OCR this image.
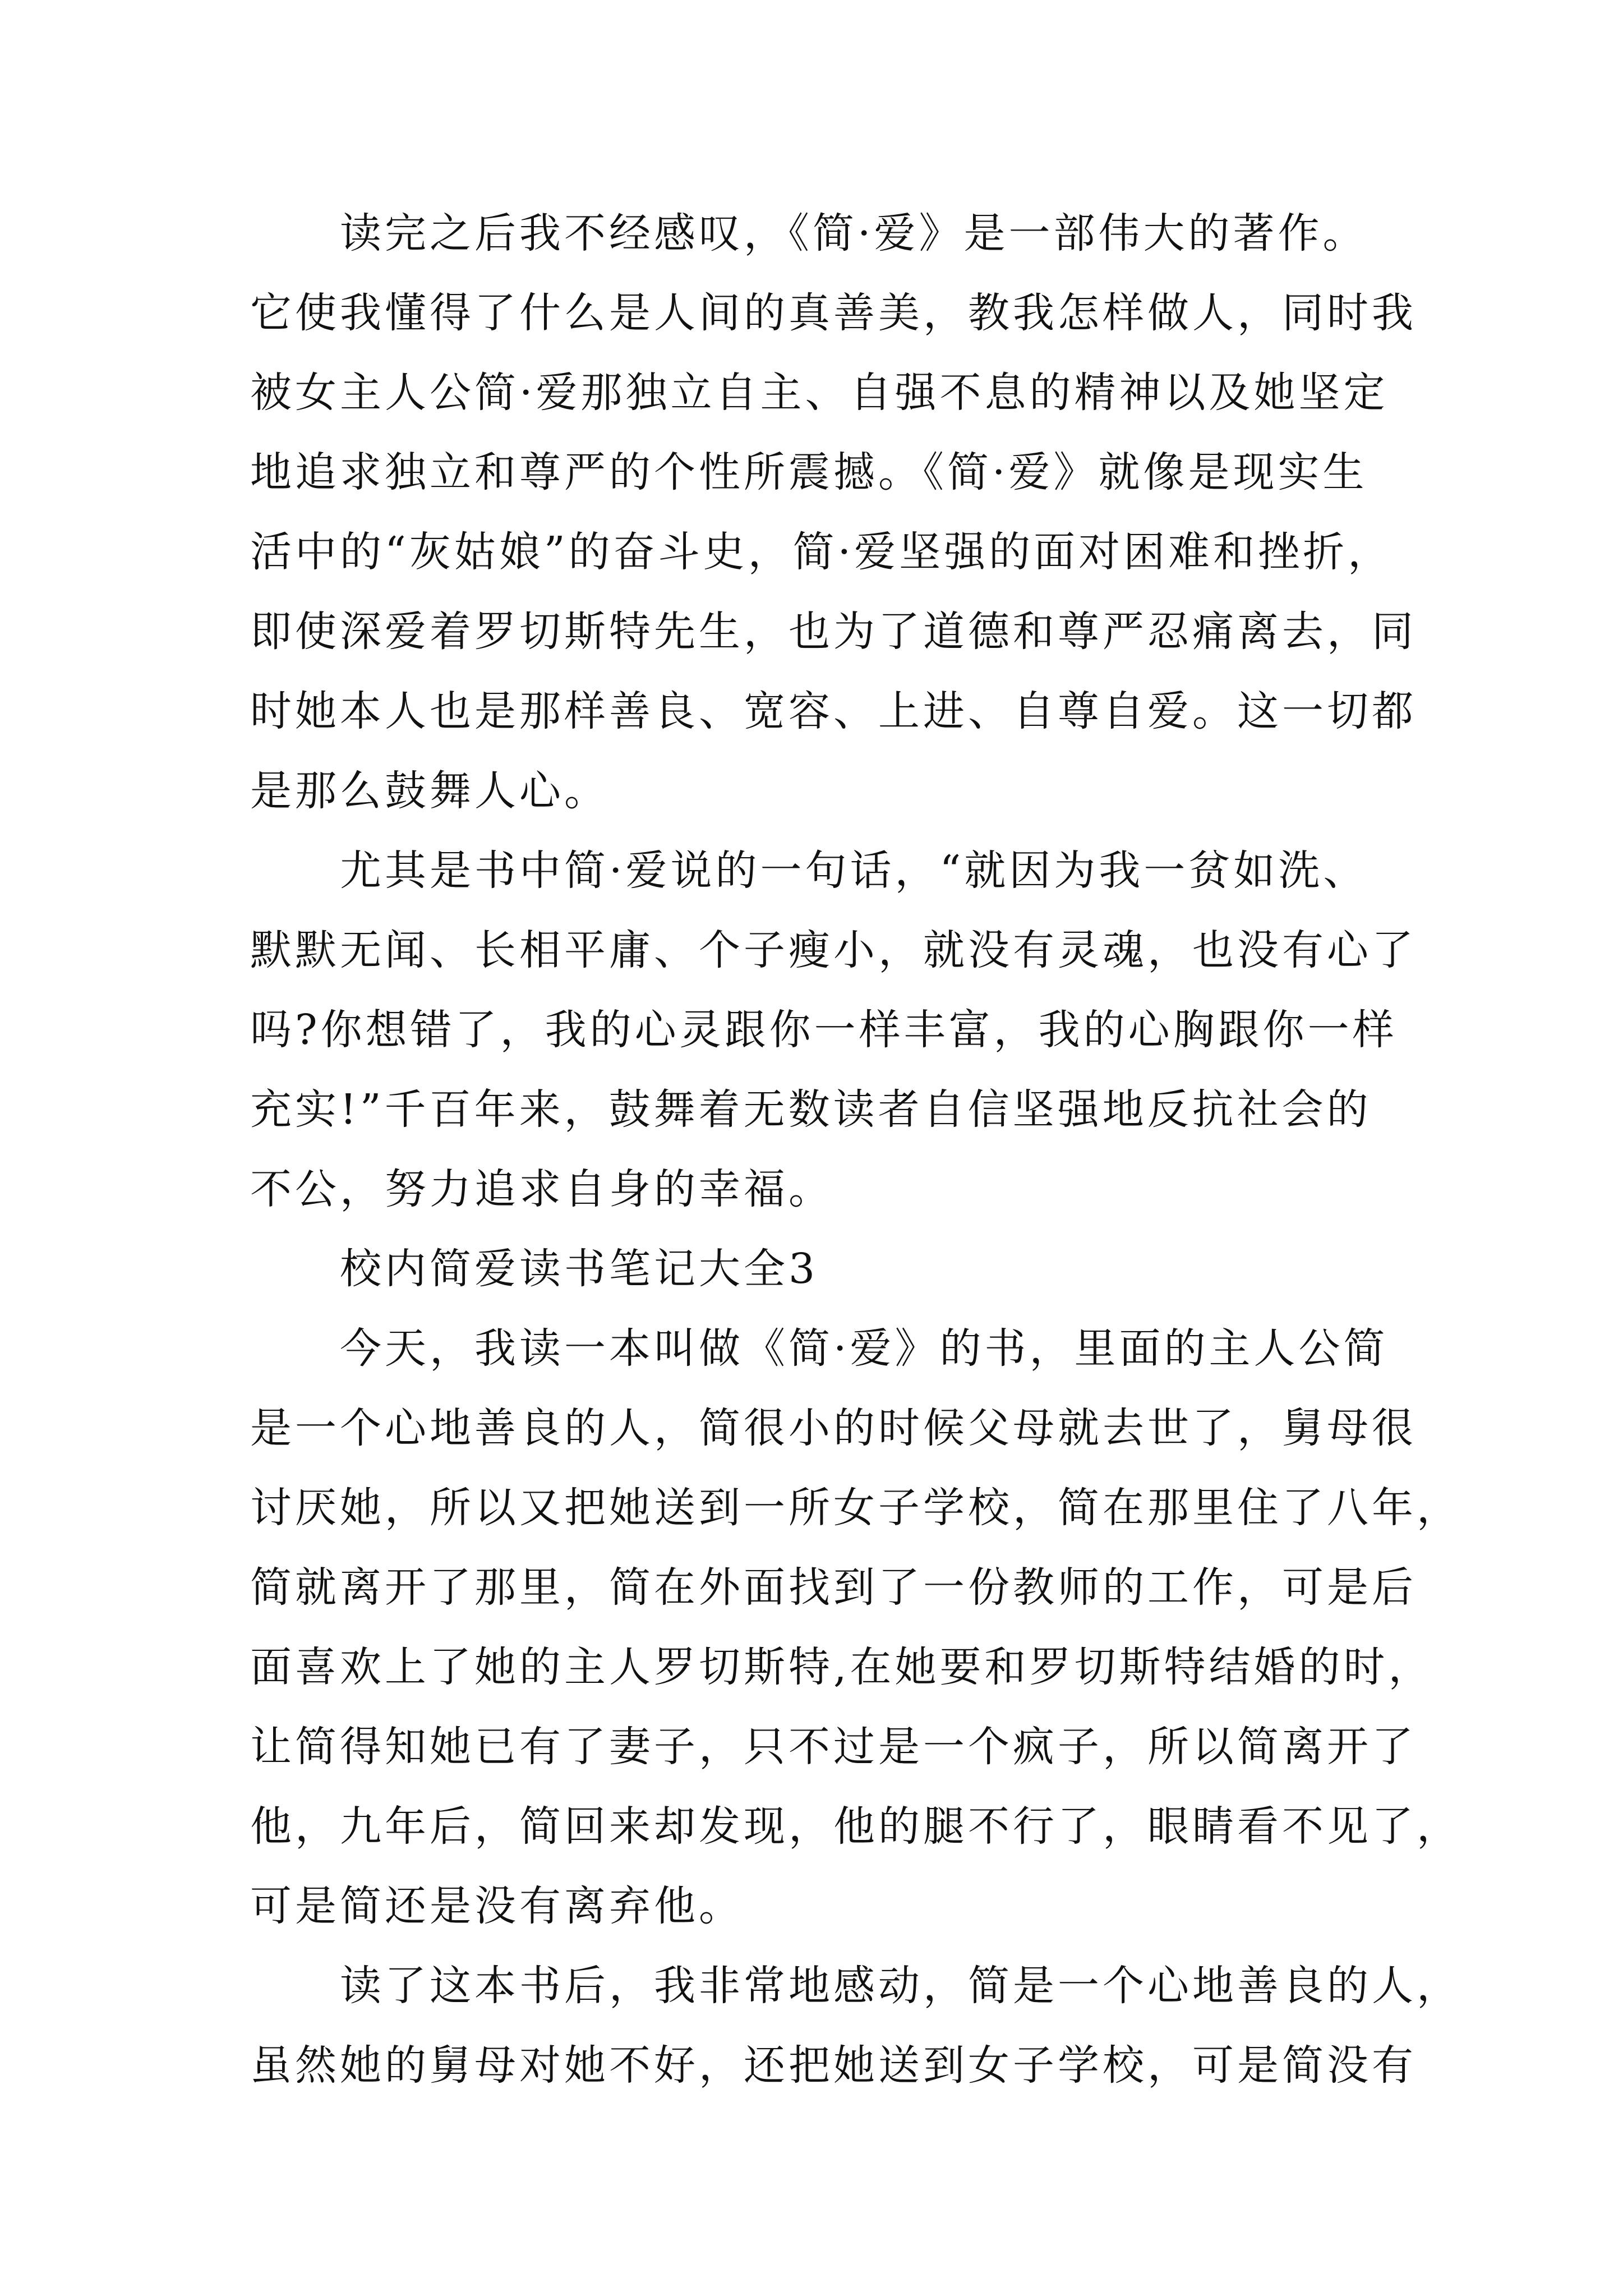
　　读完之后我不经感叹，《简·爱》是一部伟大的著作。
它使我懂得了什么是人间的真善美，教我怎样做人，同时我
被女主人公简·爱那独立自主、自强不息的精神以及她坚定
地追求独立和尊严的个性所震撼。《简·爱》就像是现实生
活中的“灰姑娘”的奋斗史，简·爱坚强的面对困难和挫折，
即使深爱着罗切斯特先生，也为了道德和尊严忍痛离去，同
时她本人也是那样善良、宽容、上进、自尊自爱。这一切都
是那么鼓舞人心。
　　尤其是书中简·爱说的一句话，“就因为我一贫如洗、
默默无闻、长相平庸、个子瘦小，就没有灵魂，也没有心了
吗?你想错了，我的心灵跟你一样丰富，我的心胸跟你一样
充实!”千百年来，鼓舞着无数读者自信坚强地反抗社会的
不公，努力追求自身的幸福。
　　校内简爱读书笔记大全3
　　今天，我读一本叫做《简·爱》的书，里面的主人公简
是一个心地善良的人，简很小的时候父母就去世了，舅母很
讨厌她，所以又把她送到一所女子学校，简在那里住了八年，
简就离开了那里，简在外面找到了一份教师的工作，可是后
面喜欢上了她的主人罗切斯特,在她要和罗切斯特结婚的时，
让简得知她已有了妻子，只不过是一个疯子，所以简离开了
他，九年后，简回来却发现，他的腿不行了，眼睛看不见了，
可是简还是没有离弃他。
　　读了这本书后，我非常地感动，简是一个心地善良的人，
虽然她的舅母对她不好，还把她送到女子学校，可是简没有
